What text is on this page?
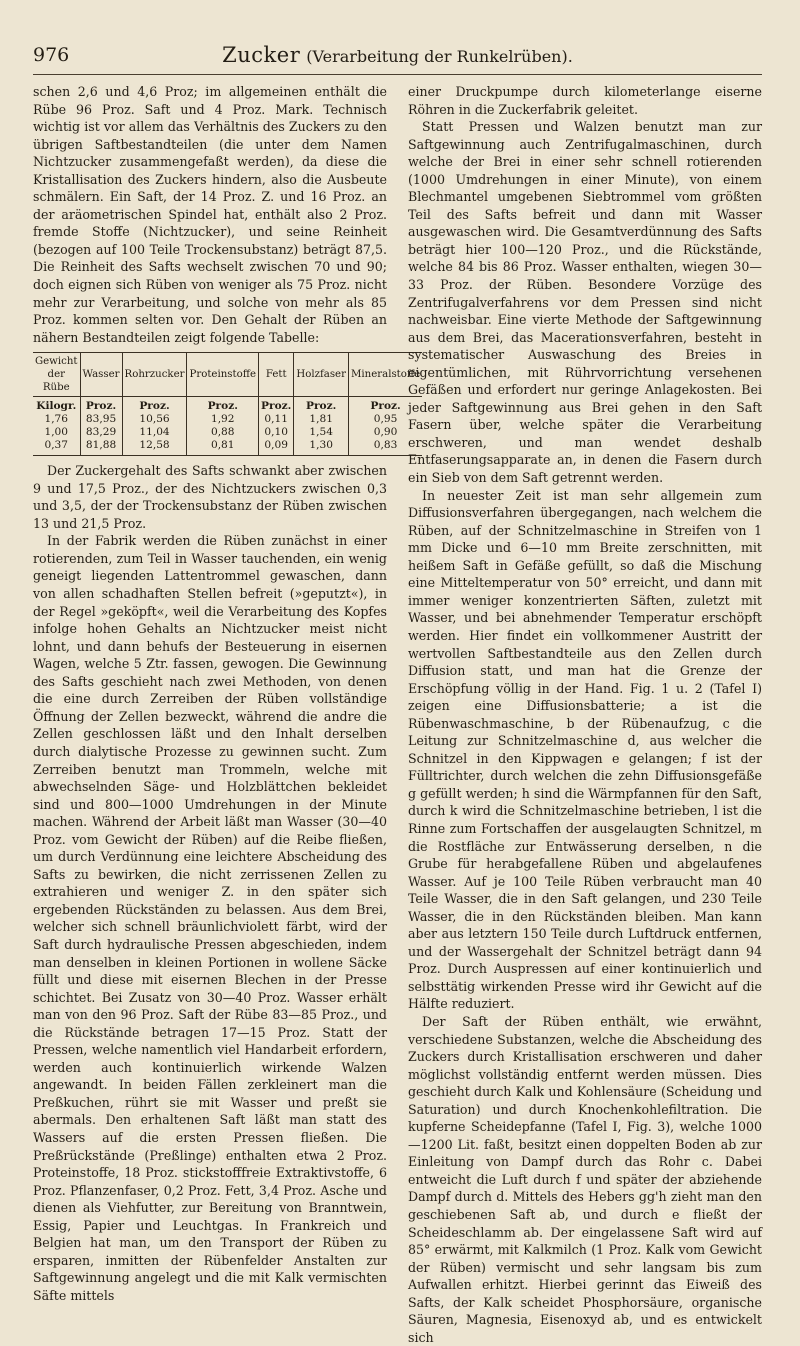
976	Zucker (Verarbeitung der Runkelrüben).

schen 2,6 und 4,6 Proz; im allgemeinen enthält die Rübe 96 Proz. Saft und 4 Proz. Mark. Technisch wichtig ist vor allem das Verhältnis des Zuckers zu den übrigen Saftbestandteilen (die unter dem Namen Nichtzucker zusammengefaßt werden), da diese die Kristallisation des Zuckers hindern, also die Ausbeute schmälern. Ein Saft, der 14 Proz. Z. und 16 Proz. an der aräometrischen Spindel hat, enthält also 2 Proz. fremde Stoffe (Nichtzucker), und seine Reinheit (bezogen auf 100 Teile Trockensubstanz) beträgt 87,5. Die Reinheit des Safts wechselt zwischen 70 und 90; doch eignen sich Rüben von weniger als 75 Proz. nicht mehr zur Verarbeitung, und solche von mehr als 85 Proz. kommen selten vor. Den Gehalt der Rüben an nähern Bestandteilen zeigt folgende Tabelle:

Gewicht der Rübe	Wasser	Rohrzucker	Proteinstoffe	Fett	Holzfaser	Mineralstoffe
Kilogr.	Proz.	Proz.	Proz.	Proz.	Proz.	Proz.
1,76	83,95	10,56	1,92	0,11	1,81	0,95
1,00	83,29	11,04	0,88	0,10	1,54	0,90
0,37	81,88	12,58	0,81	0,09	1,30	0,83

Der Zuckergehalt des Safts schwankt aber zwischen 9 und 17,5 Proz., der des Nichtzuckers zwischen 0,3 und 3,5, der der Trockensubstanz der Rüben zwischen 13 und 21,5 Proz.

In der Fabrik werden die Rüben zunächst in einer rotierenden, zum Teil in Wasser tauchenden, ein wenig geneigt liegenden Lattentrommel gewaschen, dann von allen schadhaften Stellen befreit (»geputzt«), in der Regel »geköpft«, weil die Verarbeitung des Kopfes infolge hohen Gehalts an Nichtzucker meist nicht lohnt, und dann behufs der Besteuerung in eisernen Wagen, welche 5 Ztr. fassen, gewogen. Die Gewinnung des Safts geschieht nach zwei Methoden, von denen die eine durch Zerreiben der Rüben vollständige Öffnung der Zellen bezweckt, während die andre die Zellen geschlossen läßt und den Inhalt derselben durch dialytische Prozesse zu gewinnen sucht. Zum Zerreiben benutzt man Trommeln, welche mit abwechselnden Säge- und Holzblättchen bekleidet sind und 800—1000 Umdrehungen in der Minute machen. Während der Arbeit läßt man Wasser (30—40 Proz. vom Gewicht der Rüben) auf die Reibe fließen, um durch Verdünnung eine leichtere Abscheidung des Safts zu bewirken, die nicht zerrissenen Zellen zu extrahieren und weniger Z. in den später sich ergebenden Rückständen zu belassen. Aus dem Brei, welcher sich schnell bräunlichviolett färbt, wird der Saft durch hydraulische Pressen abgeschieden, indem man denselben in kleinen Portionen in wollene Säcke füllt und diese mit eisernen Blechen in der Presse schichtet. Bei Zusatz von 30—40 Proz. Wasser erhält man von den 96 Proz. Saft der Rübe 83—85 Proz., und die Rückstände betragen 17—15 Proz. Statt der Pressen, welche namentlich viel Handarbeit erfordern, werden auch kontinuierlich wirkende Walzen angewandt. In beiden Fällen zerkleinert man die Preßkuchen, rührt sie mit Wasser und preßt sie abermals. Den erhaltenen Saft läßt man statt des Wassers auf die ersten Pressen fließen. Die Preßrückstände (Preßlinge) enthalten etwa 2 Proz. Proteinstoffe, 18 Proz. stickstofffreie Extraktivstoffe, 6 Proz. Pflanzenfaser, 0,2 Proz. Fett, 3,4 Proz. Asche und dienen als Viehfutter, zur Bereitung von Branntwein, Essig, Papier und Leuchtgas. In Frankreich und Belgien hat man, um den Transport der Rüben zu ersparen, inmitten der Rübenfelder Anstalten zur Saftgewinnung angelegt und die mit Kalk vermischten Säfte mittels

einer Druckpumpe durch kilometerlange eiserne Röhren in die Zuckerfabrik geleitet.

Statt Pressen und Walzen benutzt man zur Saftgewinnung auch Zentrifugalmaschinen, durch welche der Brei in einer sehr schnell rotierenden (1000 Umdrehungen in einer Minute), von einem Blechmantel umgebenen Siebtrommel vom größten Teil des Safts befreit und dann mit Wasser ausgewaschen wird. Die Gesamtverdünnung des Safts beträgt hier 100—120 Proz., und die Rückstände, welche 84 bis 86 Proz. Wasser enthalten, wiegen 30—33 Proz. der Rüben. Besondere Vorzüge des Zentrifugalverfahrens vor dem Pressen sind nicht nachweisbar. Eine vierte Methode der Saftgewinnung aus dem Brei, das Macerationsverfahren, besteht in systematischer Auswaschung des Breies in eigentümlichen, mit Rührvorrichtung versehenen Gefäßen und erfordert nur geringe Anlagekosten. Bei jeder Saftgewinnung aus Brei gehen in den Saft Fasern über, welche später die Verarbeitung erschweren, und man wendet deshalb Entfaserungsapparate an, in denen die Fasern durch ein Sieb von dem Saft getrennt werden.

In neuester Zeit ist man sehr allgemein zum Diffusionsverfahren übergegangen, nach welchem die Rüben, auf der Schnitzelmaschine in Streifen von 1 mm Dicke und 6—10 mm Breite zerschnitten, mit heißem Saft in Gefäße gefüllt, so daß die Mischung eine Mitteltemperatur von 50° erreicht, und dann mit immer weniger konzentrierten Säften, zuletzt mit Wasser, und bei abnehmender Temperatur erschöpft werden. Hier findet ein vollkommener Austritt der wertvollen Saftbestandteile aus den Zellen durch Diffusion statt, und man hat die Grenze der Erschöpfung völlig in der Hand. Fig. 1 u. 2 (Tafel I) zeigen eine Diffusionsbatterie; a ist die Rübenwaschmaschine, b der Rübenaufzug, c die Leitung zur Schnitzelmaschine d, aus welcher die Schnitzel in den Kippwagen e gelangen; f ist der Fülltrichter, durch welchen die zehn Diffusionsgefäße g gefüllt werden; h sind die Wärmpfannen für den Saft, durch k wird die Schnitzelmaschine betrieben, l ist die Rinne zum Fortschaffen der ausgelaugten Schnitzel, m die Rostfläche zur Entwässerung derselben, n die Grube für herabgefallene Rüben und abgelaufenes Wasser. Auf je 100 Teile Rüben verbraucht man 40 Teile Wasser, die in den Saft gelangen, und 230 Teile Wasser, die in den Rückständen bleiben. Man kann aber aus letztern 150 Teile durch Luftdruck entfernen, und der Wassergehalt der Schnitzel beträgt dann 94 Proz. Durch Auspressen auf einer kontinuierlich und selbsttätig wirkenden Presse wird ihr Gewicht auf die Hälfte reduziert.

Der Saft der Rüben enthält, wie erwähnt, verschiedene Substanzen, welche die Abscheidung des Zuckers durch Kristallisation erschweren und daher möglichst vollständig entfernt werden müssen. Dies geschieht durch Kalk und Kohlensäure (Scheidung und Saturation) und durch Knochenkohlefiltration. Die kupferne Scheidepfanne (Tafel I, Fig. 3), welche 1000—1200 Lit. faßt, besitzt einen doppelten Boden ab zur Einleitung von Dampf durch das Rohr c. Dabei entweicht die Luft durch f und später der abziehende Dampf durch d. Mittels des Hebers gg'h zieht man den geschiebenen Saft ab, und durch e fließt der Scheideschlamm ab. Der eingelassene Saft wird auf 85° erwärmt, mit Kalkmilch (1 Proz. Kalk vom Gewicht der Rüben) vermischt und sehr langsam bis zum Aufwallen erhitzt. Hierbei gerinnt das Eiweiß des Safts, der Kalk scheidet Phosphorsäure, organische Säuren, Magnesia, Eisenoxyd ab, und es entwickelt sich
